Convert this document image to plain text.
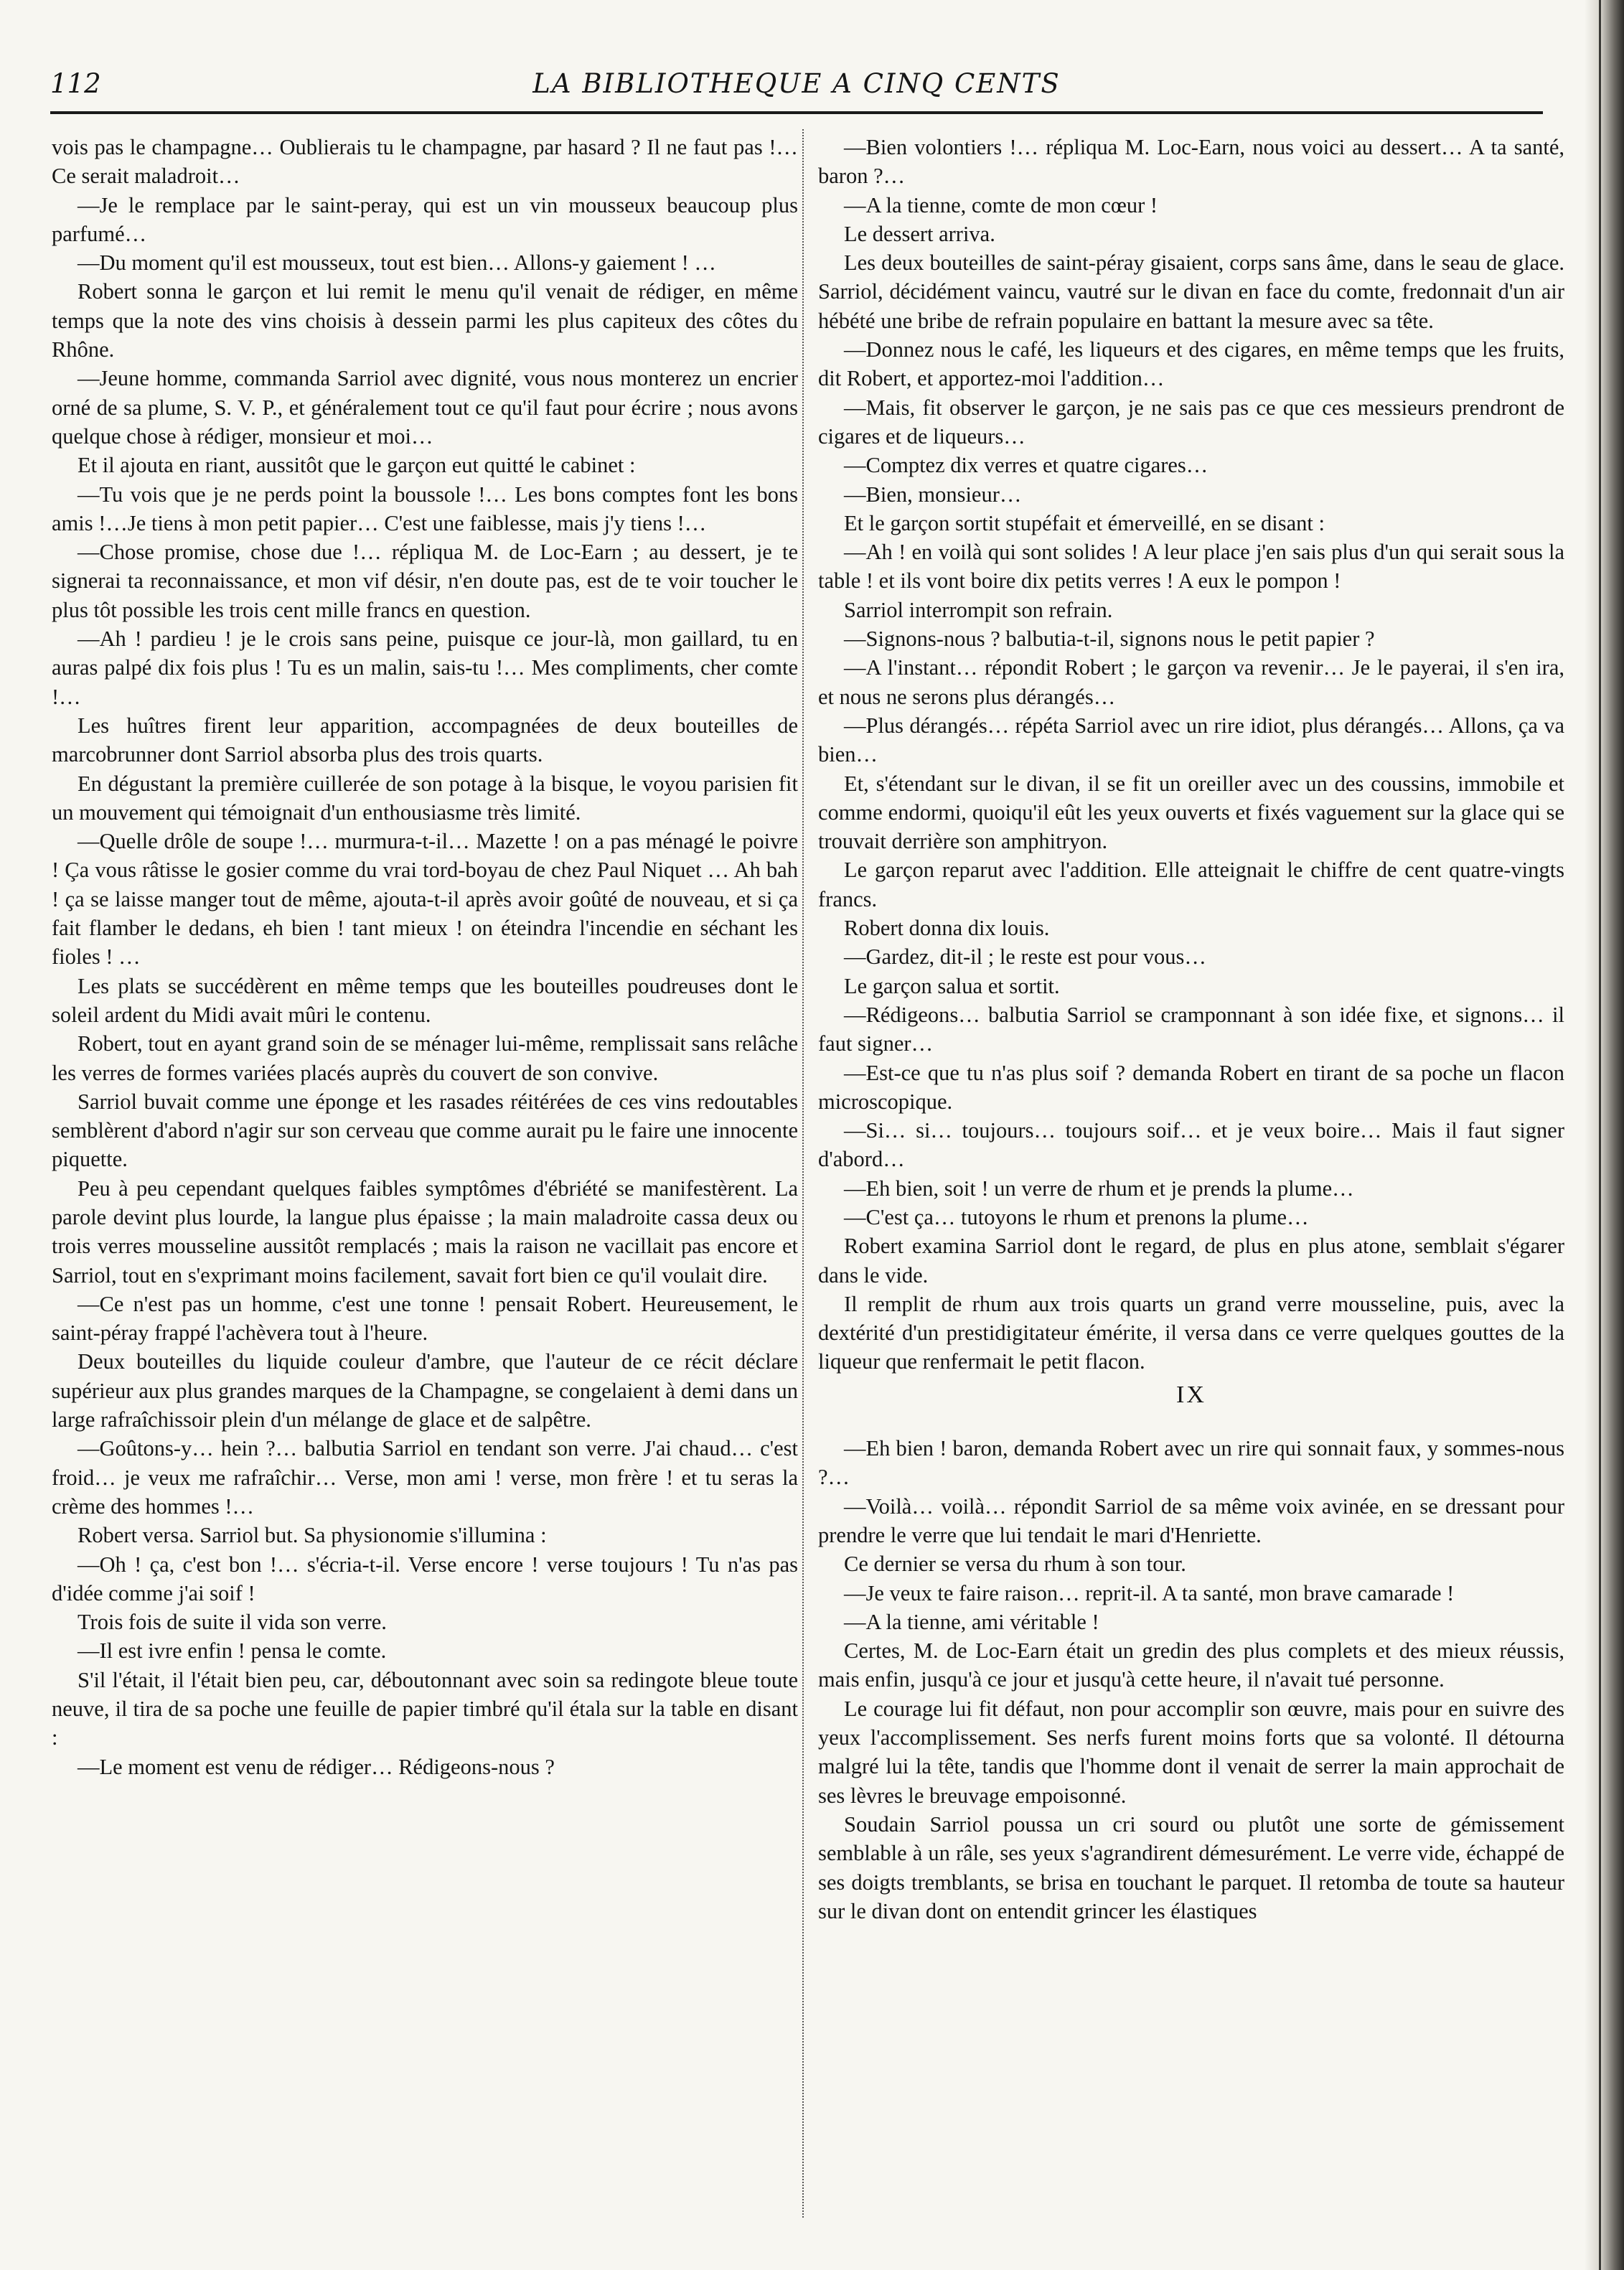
112	LA BIBLIOTHEQUE A CINQ CENTS

vois pas le champagne… Oublierais tu le champagne, par hasard ? Il ne faut pas !… Ce serait maladroit…

—Je le remplace par le saint-peray, qui est un vin mousseux beaucoup plus parfumé…

—Du moment qu'il est mousseux, tout est bien… Allons-y gaiement ! …

Robert sonna le garçon et lui remit le menu qu'il venait de rédiger, en même temps que la note des vins choisis à dessein parmi les plus capiteux des côtes du Rhône.

—Jeune homme, commanda Sarriol avec dignité, vous nous monterez un encrier orné de sa plume, S. V. P., et généralement tout ce qu'il faut pour écrire ; nous avons quelque chose à rédiger, monsieur et moi…

Et il ajouta en riant, aussitôt que le garçon eut quitté le cabinet :

—Tu vois que je ne perds point la boussole !… Les bons comptes font les bons amis !…Je tiens à mon petit papier… C'est une faiblesse, mais j'y tiens !…

—Chose promise, chose due !… répliqua M. de Loc-Earn ; au dessert, je te signerai ta reconnaissance, et mon vif désir, n'en doute pas, est de te voir toucher le plus tôt possible les trois cent mille francs en question.

—Ah ! pardieu ! je le crois sans peine, puisque ce jour-là, mon gaillard, tu en auras palpé dix fois plus ! Tu es un malin, sais-tu !… Mes compliments, cher comte !…

Les huîtres firent leur apparition, accompagnées de deux bouteilles de marcobrunner dont Sarriol absorba plus des trois quarts.

En dégustant la première cuillerée de son potage à la bisque, le voyou parisien fit un mouvement qui témoignait d'un enthousiasme très limité.

—Quelle drôle de soupe !… murmura-t-il… Mazette ! on a pas ménagé le poivre ! Ça vous râtisse le gosier comme du vrai tord-boyau de chez Paul Niquet … Ah bah ! ça se laisse manger tout de même, ajouta-t-il après avoir goûté de nouveau, et si ça fait flamber le dedans, eh bien ! tant mieux ! on éteindra l'incendie en séchant les fioles ! …

Les plats se succédèrent en même temps que les bouteilles poudreuses dont le soleil ardent du Midi avait mûri le contenu.

Robert, tout en ayant grand soin de se ménager lui-même, remplissait sans relâche les verres de formes variées placés auprès du couvert de son convive.

Sarriol buvait comme une éponge et les rasades réitérées de ces vins redoutables semblèrent d'abord n'agir sur son cerveau que comme aurait pu le faire une innocente piquette.

Peu à peu cependant quelques faibles symptômes d'ébriété se manifestèrent. La parole devint plus lourde, la langue plus épaisse ; la main maladroite cassa deux ou trois verres mousseline aussitôt remplacés ; mais la raison ne vacillait pas encore et Sarriol, tout en s'exprimant moins facilement, savait fort bien ce qu'il voulait dire.

—Ce n'est pas un homme, c'est une tonne ! pensait Robert. Heureusement, le saint-péray frappé l'achèvera tout à l'heure.

Deux bouteilles du liquide couleur d'ambre, que l'auteur de ce récit déclare supérieur aux plus grandes marques de la Champagne, se congelaient à demi dans un large rafraîchissoir plein d'un mélange de glace et de salpêtre.

—Goûtons-y… hein ?… balbutia Sarriol en tendant son verre. J'ai chaud… c'est froid… je veux me rafraîchir… Verse, mon ami ! verse, mon frère ! et tu seras la crème des hommes !…

Robert versa. Sarriol but. Sa physionomie s'illumina :

—Oh ! ça, c'est bon !… s'écria-t-il. Verse encore ! verse toujours ! Tu n'as pas d'idée comme j'ai soif !

Trois fois de suite il vida son verre.

—Il est ivre enfin ! pensa le comte.

S'il l'était, il l'était bien peu, car, déboutonnant avec soin sa redingote bleue toute neuve, il tira de sa poche une feuille de papier timbré qu'il étala sur la table en disant :

—Le moment est venu de rédiger… Rédigeons-nous ?

—Bien volontiers !… répliqua M. Loc-Earn, nous voici au dessert… A ta santé, baron ?…

—A la tienne, comte de mon cœur !

Le dessert arriva.

Les deux bouteilles de saint-péray gisaient, corps sans âme, dans le seau de glace. Sarriol, décidément vaincu, vautré sur le divan en face du comte, fredonnait d'un air hébété une bribe de refrain populaire en battant la mesure avec sa tête.

—Donnez nous le café, les liqueurs et des cigares, en même temps que les fruits, dit Robert, et apportez-moi l'addition…

—Mais, fit observer le garçon, je ne sais pas ce que ces messieurs prendront de cigares et de liqueurs…

—Comptez dix verres et quatre cigares…

—Bien, monsieur…

Et le garçon sortit stupéfait et émerveillé, en se disant :

—Ah ! en voilà qui sont solides ! A leur place j'en sais plus d'un qui serait sous la table ! et ils vont boire dix petits verres ! A eux le pompon !

Sarriol interrompit son refrain.

—Signons-nous ? balbutia-t-il, signons nous le petit papier ?

—A l'instant… répondit Robert ; le garçon va revenir… Je le payerai, il s'en ira, et nous ne serons plus dérangés…

—Plus dérangés… répéta Sarriol avec un rire idiot, plus dérangés… Allons, ça va bien…

Et, s'étendant sur le divan, il se fit un oreiller avec un des coussins, immobile et comme endormi, quoiqu'il eût les yeux ouverts et fixés vaguement sur la glace qui se trouvait derrière son amphitryon.

Le garçon reparut avec l'addition. Elle atteignait le chiffre de cent quatre-vingts francs.

Robert donna dix louis.

—Gardez, dit-il ; le reste est pour vous…

Le garçon salua et sortit.

—Rédigeons… balbutia Sarriol se cramponnant à son idée fixe, et signons… il faut signer…

—Est-ce que tu n'as plus soif ? demanda Robert en tirant de sa poche un flacon microscopique.

—Si… si… toujours… toujours soif… et je veux boire… Mais il faut signer d'abord…

—Eh bien, soit ! un verre de rhum et je prends la plume…

—C'est ça… tutoyons le rhum et prenons la plume…

Robert examina Sarriol dont le regard, de plus en plus atone, semblait s'égarer dans le vide.

Il remplit de rhum aux trois quarts un grand verre mousseline, puis, avec la dextérité d'un prestidigitateur émérite, il versa dans ce verre quelques gouttes de la liqueur que renfermait le petit flacon.

IX

—Eh bien ! baron, demanda Robert avec un rire qui sonnait faux, y sommes-nous ?…

—Voilà… voilà… répondit Sarriol de sa même voix avinée, en se dressant pour prendre le verre que lui tendait le mari d'Henriette.

Ce dernier se versa du rhum à son tour.

—Je veux te faire raison… reprit-il. A ta santé, mon brave camarade !

—A la tienne, ami véritable !

Certes, M. de Loc-Earn était un gredin des plus complets et des mieux réussis, mais enfin, jusqu'à ce jour et jusqu'à cette heure, il n'avait tué personne.

Le courage lui fit défaut, non pour accomplir son œuvre, mais pour en suivre des yeux l'accomplissement. Ses nerfs furent moins forts que sa volonté. Il détourna malgré lui la tête, tandis que l'homme dont il venait de serrer la main approchait de ses lèvres le breuvage empoisonné.

Soudain Sarriol poussa un cri sourd ou plutôt une sorte de gémissement semblable à un râle, ses yeux s'agrandirent démesurément. Le verre vide, échappé de ses doigts tremblants, se brisa en touchant le parquet. Il retomba de toute sa hauteur sur le divan dont on entendit grincer les élastiques
